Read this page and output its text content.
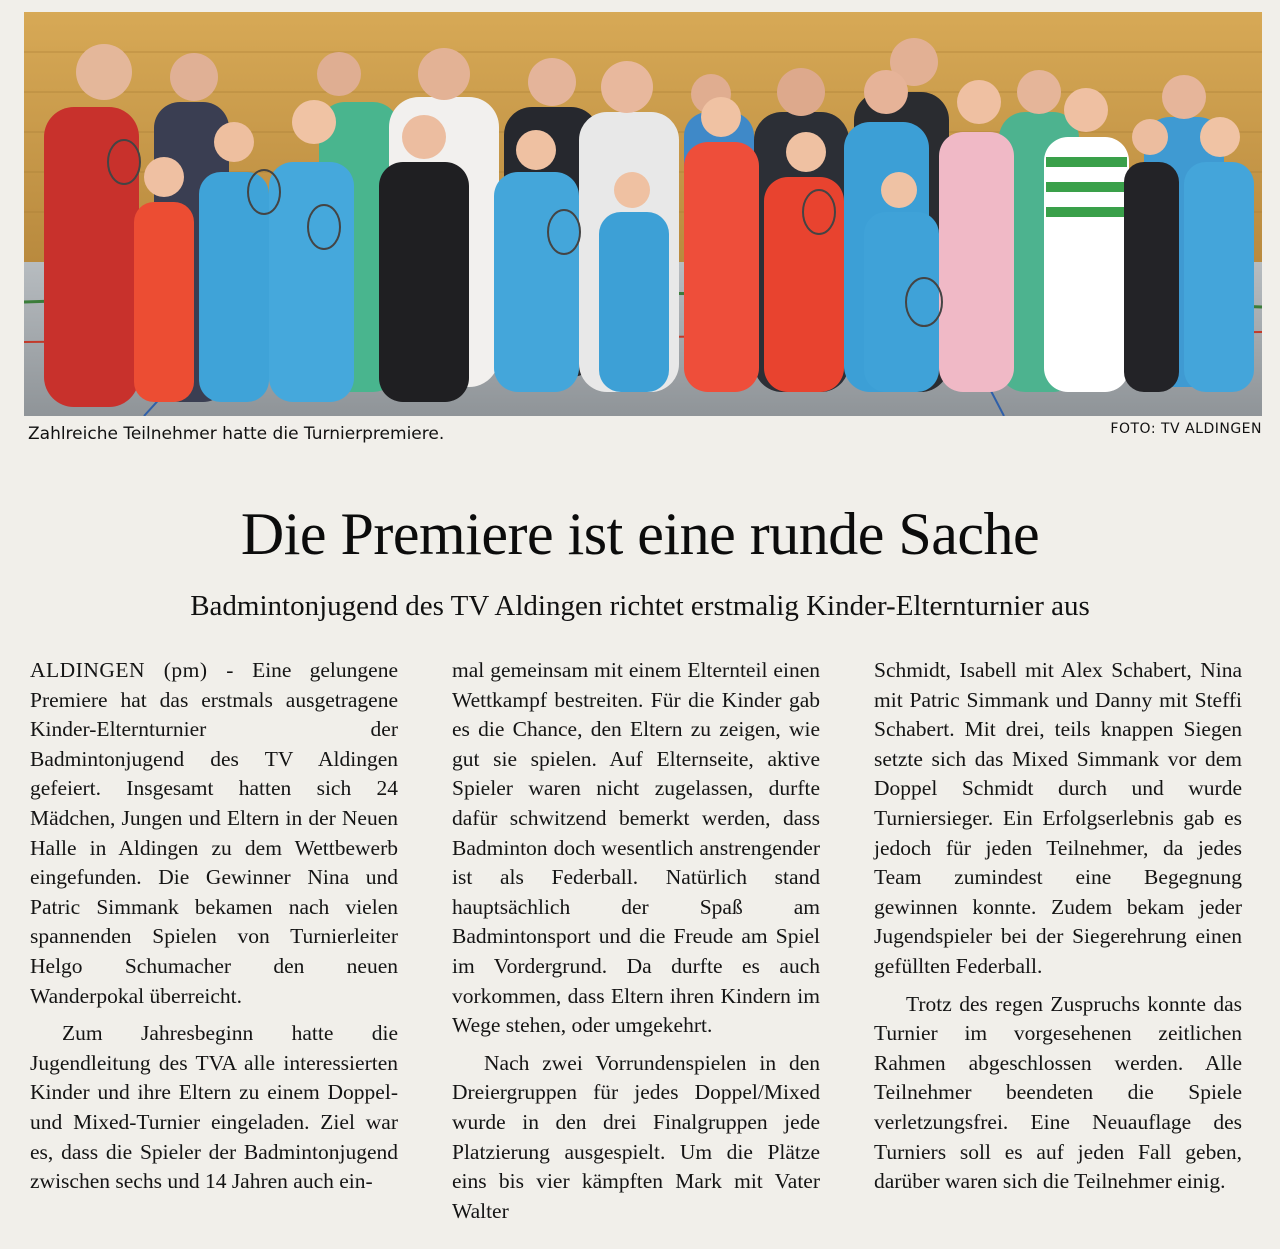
Zahlreiche Teilnehmer hatte die Turnierpremiere.	FOTO: TV ALDINGEN
Die Premiere ist eine runde Sache
Badmintonjugend des TV Aldingen richtet erstmalig Kinder-Elternturnier aus

ALDINGEN (pm) - Eine gelungene Premiere hat das erstmals ausgetragene Kinder-Elternturnier der Badmintonjugend des TV Aldingen gefeiert. Insgesamt hatten sich 24 Mädchen, Jungen und Eltern in der Neuen Halle in Aldingen zu dem Wettbewerb eingefunden. Die Gewinner Nina und Patric Simmank bekamen nach vielen spannenden Spielen von Turnierleiter Helgo Schumacher den neuen Wanderpokal überreicht.

Zum Jahresbeginn hatte die Jugendleitung des TVA alle interessierten Kinder und ihre Eltern zu einem Doppel- und Mixed-Turnier eingeladen. Ziel war es, dass die Spieler der Badmintonjugend zwischen sechs und 14 Jahren auch ein-

mal gemeinsam mit einem Elternteil einen Wettkampf bestreiten. Für die Kinder gab es die Chance, den Eltern zu zeigen, wie gut sie spielen. Auf Elternseite, aktive Spieler waren nicht zugelassen, durfte dafür schwitzend bemerkt werden, dass Badminton doch wesentlich anstrengender ist als Federball. Natürlich stand hauptsächlich der Spaß am Badmintonsport und die Freude am Spiel im Vordergrund. Da durfte es auch vorkommen, dass Eltern ihren Kindern im Wege stehen, oder umgekehrt.

Nach zwei Vorrundenspielen in den Dreiergruppen für jedes Doppel/Mixed wurde in den drei Finalgruppen jede Platzierung ausgespielt. Um die Plätze eins bis vier kämpften Mark mit Vater Walter

Schmidt, Isabell mit Alex Schabert, Nina mit Patric Simmank und Danny mit Steffi Schabert. Mit drei, teils knappen Siegen setzte sich das Mixed Simmank vor dem Doppel Schmidt durch und wurde Turniersieger. Ein Erfolgserlebnis gab es jedoch für jeden Teilnehmer, da jedes Team zumindest eine Begegnung gewinnen konnte. Zudem bekam jeder Jugendspieler bei der Siegerehrung einen gefüllten Federball.

Trotz des regen Zuspruchs konnte das Turnier im vorgesehenen zeitlichen Rahmen abgeschlossen werden. Alle Teilnehmer beendeten die Spiele verletzungsfrei. Eine Neuauflage des Turniers soll es auf jeden Fall geben, darüber waren sich die Teilnehmer einig.
